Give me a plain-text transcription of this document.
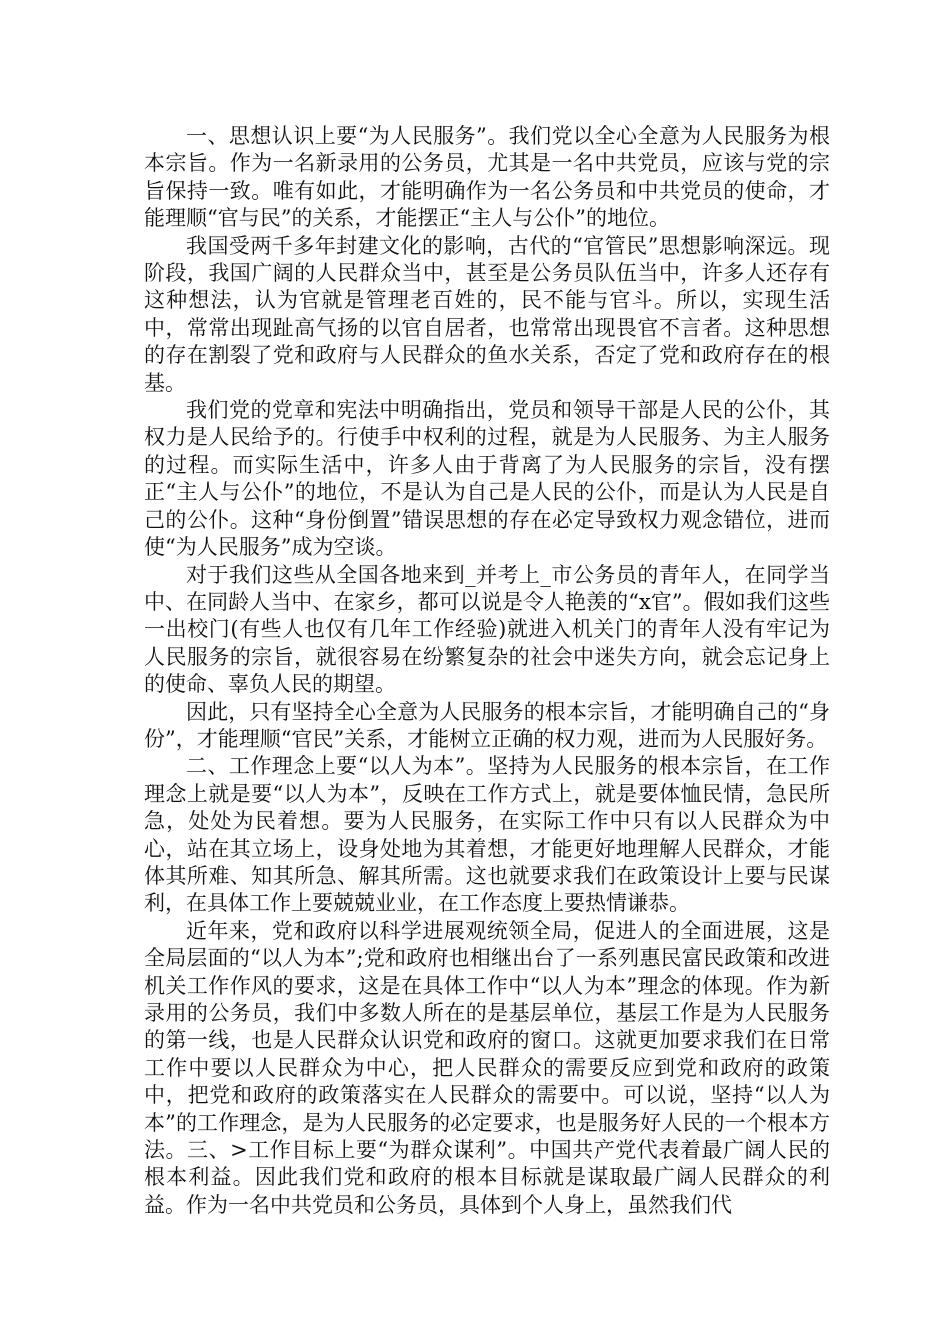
一、思想认识上要“为人民服务”。我们党以全心全意为人民服务为根本宗旨。作为一名新录用的公务员，尤其是一名中共党员，应该与党的宗旨保持一致。唯有如此，才能明确作为一名公务员和中共党员的使命，才能理顺“官与民”的关系，才能摆正“主人与公仆”的地位。

我国受两千多年封建文化的影响，古代的“官管民”思想影响深远。现阶段，我国广阔的人民群众当中，甚至是公务员队伍当中，许多人还存有这种想法，认为官就是管理老百姓的，民不能与官斗。所以，实现生活中，常常出现趾高气扬的以官自居者，也常常出现畏官不言者。这种思想的存在割裂了党和政府与人民群众的鱼水关系，否定了党和政府存在的根基。

我们党的党章和宪法中明确指出，党员和领导干部是人民的公仆，其权力是人民给予的。行使手中权利的过程，就是为人民服务、为主人服务的过程。而实际生活中，许多人由于背离了为人民服务的宗旨，没有摆正“主人与公仆”的地位，不是认为自己是人民的公仆，而是认为人民是自己的公仆。这种“身份倒置”错误思想的存在必定导致权力观念错位，进而使“为人民服务”成为空谈。

对于我们这些从全国各地来到_并考上_市公务员的青年人，在同学当中、在同龄人当中、在家乡，都可以说是令人艳羡的“x官”。假如我们这些一出校门(有些人也仅有几年工作经验)就进入机关门的青年人没有牢记为人民服务的宗旨，就很容易在纷繁复杂的社会中迷失方向，就会忘记身上的使命、辜负人民的期望。

因此，只有坚持全心全意为人民服务的根本宗旨，才能明确自己的“身份”，才能理顺“官民”关系，才能树立正确的权力观，进而为人民服好务。

二、工作理念上要“以人为本”。坚持为人民服务的根本宗旨，在工作理念上就是要“以人为本”，反映在工作方式上，就是要体恤民情，急民所急，处处为民着想。要为人民服务，在实际工作中只有以人民群众为中心，站在其立场上，设身处地为其着想，才能更好地理解人民群众，才能体其所难、知其所急、解其所需。这也就要求我们在政策设计上要与民谋利，在具体工作上要兢兢业业，在工作态度上要热情谦恭。

近年来，党和政府以科学进展观统领全局，促进人的全面进展，这是全局层面的“以人为本”;党和政府也相继出台了一系列惠民富民政策和改进机关工作作风的要求，这是在具体工作中“以人为本”理念的体现。作为新录用的公务员，我们中多数人所在的是基层单位，基层工作是为人民服务的第一线，也是人民群众认识党和政府的窗口。这就更加要求我们在日常工作中要以人民群众为中心，把人民群众的需要反应到党和政府的政策中，把党和政府的政策落实在人民群众的需要中。可以说，坚持“以人为本”的工作理念，是为人民服务的必定要求，也是服务好人民的一个根本方法。三、>工作目标上要“为群众谋利”。中国共产党代表着最广阔人民的根本利益。因此我们党和政府的根本目标就是谋取最广阔人民群众的利益。作为一名中共党员和公务员，具体到个人身上，虽然我们代
